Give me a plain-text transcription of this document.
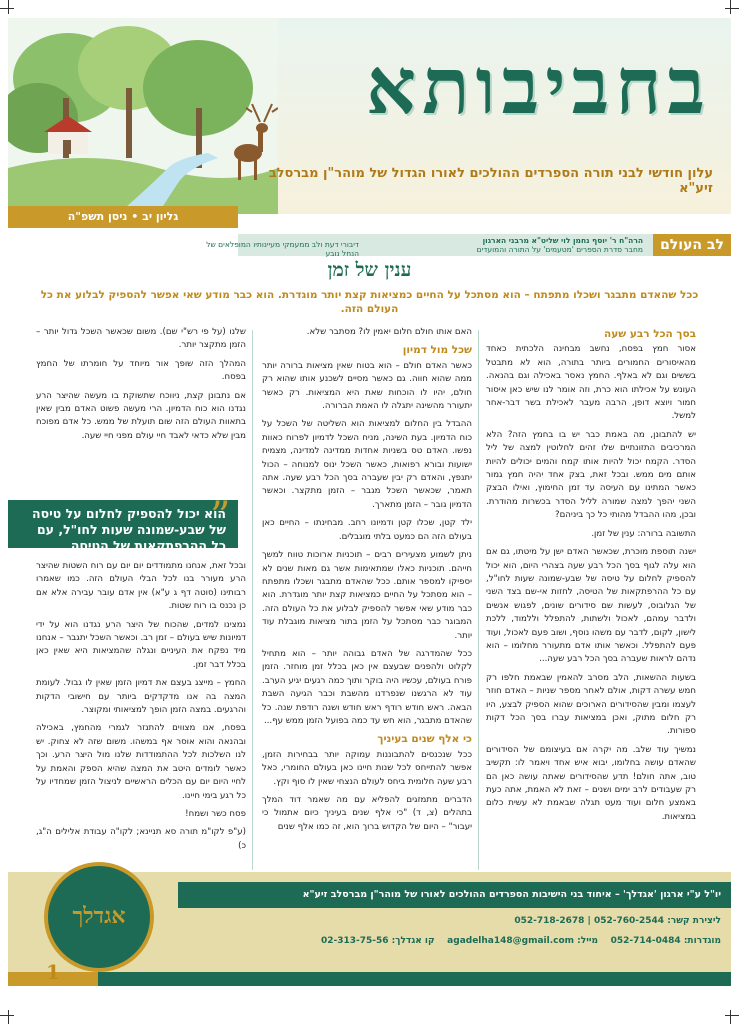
בחביבותא
עלון חודשי לבני תורה הספרדים ההולכים לאורו הגדול של מוהר"ן מברסלב זיע"א
גליון יב • ניסן תשפ"ה
לב העולם
הרה"ח ר' יוסף נחמן לוי שליט"א מרבני הארגון
מחבר סדרת הספרים 'מטעמים' על התורה והמועדים
דיבורי דעת ולב ממעמקי מעיינותיו המופלאים של הנחל נובע
ענין של זמן
ככל שהאדם מתבגר ושכלו מתפתח – הוא מסתכל על החיים כמציאות קצת יותר מוגדרת. הוא כבר מודע שאי אפשר להספיק לבלוע את כל העולם הזה.
בסך הכל רבע שעה

אסור חמץ בפסח, נחשב מבחינה הלכתית כאחד מהאיסורים החמורים ביותר בתורה, הוא לא מתבטל בששים וגם לא באלף. החמץ נאסר באכילה וגם בהנאה. העונש על אכילתו הוא כרת, וזה אומר לנו שיש כאן איסור חמור ויוצא דופן, הרבה מעבר לאכילת בשר דבר-אחר למשל.

יש להתבונן, מה באמת כבר יש בו בחמץ הזה? הלא המרכיבים התזונתיים שלו זהים לחלוטין למצה של ליל הסדר. הקמח יכול להיות אותו קמח והמים יכולים להיות אותם מים ממש. ובכל זאת, בצק אחד יהיה חמץ גמור כאשר המתינו עם העיסה עד זמן החימוץ, ואילו הבצק השני יהפך למצה שמורה לליל הסדר בכשרות מהודרת. ובכן, מהו ההבדל מהותי כל כך ביניהם?

התשובה ברורה: ענין של זמן.

ישנה תוספת מוכרת, שכאשר האדם ישן על מיטתו, גם אם הוא עלה לגוף בסך הכל רבע שעה בצהרי היום, הוא יכול להספיק לחלום על טיסה של שבע-שמונה שעות לחו"ל, עם כל ההרפתקאות של הטיסה, לחזות אי-שם בצד השני של הגלובוס, לעשות שם סידורים שונים, לפגוש אנשים ולדבר עמהם, לאכול ולשתות, להתפלל וללמוד, ללכת לישון, לקום, לדבר עם משהו נוסף, ושוב פעם לאכול, ועוד פעם להתפלל. וכאשר אותו אדם מתעורר מחלומו – הוא נדהם לראות שעברה בסך הכל רבע שעה...

בשעות ההשאות, הלב מסרב להאמין שבאמת חלפו רק חמש עשרה דקות, אולם לאחר מספר שניות – האדם חוזר לעצמו ומבין שהסידורים הארוכים שהוא הספיק לבצע, היו רק חלום מתוק, ואכן במציאות עברו בסך הכל דקות ספורות.

נמשיך עוד שלב. מה יקרה אם בעיצומם של הסידורים שהאדם עושה בחלומו, יבוא איש אחד ויאמר לו: תקשיב טוב, אתה חולם! תדע שהסידורים שאתה עושה כאן הם רק שעבודים לרב ימים ושנים – זאת לא האמת, אתה כעת באמצע חלום ועוד מעט תגלה שבאמת לא עשית כלום במציאות.

האם אותו חולם חלום יאמין לו? מסתבר שלא.

שכל מול דמיון

כאשר האדם חולם – הוא בטוח שאין מציאות ברורה יותר ממה שהוא חווה. גם כאשר מסיים לשכנע אותו שהוא רק חולם, יהיו לו הוכחות שאת היא המציאות. רק כאשר יתעורר מהשינה יתגלה לו האמת הברורה.

ההבדל בין החלום למציאות הוא השליטה של השכל על כוח הדמיון. בעת השינה, מניח השכל לדמיון לפרוח כאוות נפשו. האדם טס בשניות אחדות ממדינה למדינה, מצמיח ישועות ובורא רפואות, כאשר השכל ינוס למנוחה – הכול יתנפץ, והאדם רק יבין שעברה בסך הכל רבע שעה. אתה תאמר, שכאשר השכל מגבר – הזמן מתקצר. וכאשר הדמיון גובר – הזמן מתארך.

ילד קטן, שכלו קטן ודמיונו רחב. מבחינתו – החיים כאן בעולם הזה הם כמעט בלתי מוגבלים.

ניתן לשמוע מצעירים רבים – תוכניות ארוכות טווח למשך חייהם. תוכניות כאלו שמתאימות אשר גם מאות שנים לא יספיקו למספר אותם. ככל שהאדם מתבגר ושכלו מתפתח – הוא מסתכל על החיים כמציאות קצת יותר מוגדרת. הוא כבר מודע שאי אפשר להספיק לבלוע את כל העולם הזה. המבוגר כבר מסתכל על הזמן בתור מציאות מוגבלת עוד יותר.

ככל שהמדרגה של האדם גבוהה יותר – הוא מתחיל לקלוט ולהפנים שבעצם אין כאן בכלל זמן מוחזר. הזמן פורח בעולם, עכשיו היה בוקר ותוך כמה רגעים יגיע הערב. עוד לא הרגשנו שנפרדנו מהשבת וכבר הגיעה השבת הבאה. ראש חודש רודף ראש חודש ושנה רודפת שנה. כל שהאדם מתבגר, הוא חש עד כמה בפועל הזמן ממש עף...

כי אלף שנים בעיניך

ככל שנכנסים להתבוננות עמוקה יותר בבחירות הזמן, אפשר להתייחס לכל שנות חיינו כאן בעולם החומרי, כאל רבע שעה חלומית ביחס לעולם הנצחי שאין לו סוף וקץ.

הדברים מתמזגים להפליא עם מה שאמר דוד המלך בתהלים (צ, ד) "כי אלף שנים בעיניך כיום אתמול כי יעבור" – היום של הקדוש ברוך הוא, זה כמו אלף שנים

שלנו (על פי רש"י שם). משום שכאשר השכל גדול יותר – הזמן מתקצר יותר.

המהלך הזה שופך אור מיוחד על חומרתו של החמץ בפסח.

אם נתבונן קצת, ניווכח שתשוקת בו מעשה שהיצר הרע נגדנו הוא כוח הדמיון. הרי מעשה פשוט האדם מבין שאין בתאוות העולם הזה שום תועלת של ממש. כל אדם מפוכח מבין שלא כדאי לאבד חיי עולם מפני חיי שעה.

הוא יכול להספיק לחלום על טיסה של שבע-שמונה שעות לחו"ל, עם כל ההרפתקאות של הטיסה
”

ובכל זאת, אנחנו מתמודדים יום יום עם רוח השטות שהיצר הרע מעורר בנו לכל הבלי העולם הזה. כמו שאמרו רבותינו (סוטה דף ג ע"א) אין אדם עובר עבירה אלא אם כן נכנס בו רוח שטות.

נמצינו למדים, שהכוח של היצר הרע נגדנו הוא על ידי דמיונות שיש בעולם – זמן רב. וכאשר השכל יתגבר – אנחנו מיד נפקח את העיניים ונגלה שהמציאות היא שאין כאן בכלל דבר זמן.

החמץ – מייצג בעצם את דמיון הזמן שאין לו גבול. לעומת המצה בה אנו מדקדקים ביותר עם חישובי הדקות והרגעים. במצה הזמן הופך למציאותי ומקוצר.

בפסח, אנו מצווים להתנזר לגמרי מהחמץ, באכילה ובהנאה והוא אוסר אף במשהו. משום שזה לא צחוק. יש לנו השלכות לכל ההתמודדות שלנו מול היצר הרע. וכך כאשר לומדים היטב את המצה שהיא הספק והאמת על לחיי היום יום עם הכלים הראשיים לניצול הזמן שמחדיו על כל רגע בימי חיינו.

פסח כשר ושמח!

(ע"פ לקו"מ תורה סא תניינא; לקו"ה עבודת אלילים ה"ג, כ)

יו"ל ע"י ארגון 'אגדלך' – איחוד בני הישיבות הספרדים ההולכים לאורו של מוהר"ן מברסלב זיע"א
ליצירת קשר: 052-760-2544 | 052-718-2678
מוגדרות: 052-714-0484    מייל: agadelha148@gmail.com    קו אגדלך: 02-313-75-56
אגדלך
1
